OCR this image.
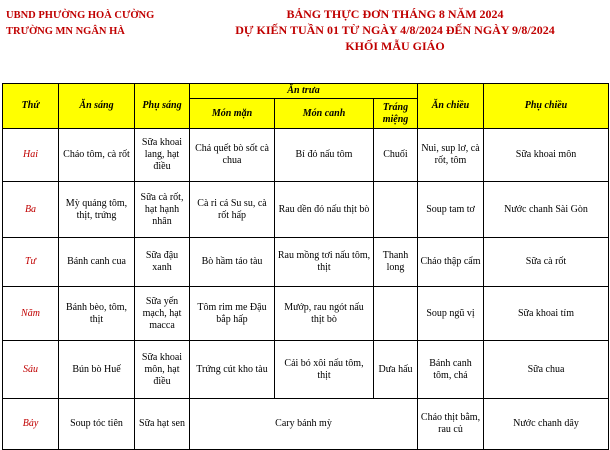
UBND PHƯỜNG HOÀ CƯỜNG
TRƯỜNG MN NGÂN HÀ
BẢNG THỰC ĐƠN THÁNG 8 NĂM 2024
DỰ KIẾN TUẦN 01 TỪ NGÀY 4/8/2024 ĐẾN NGÀY 9/8/2024
KHỐI MẪU GIÁO
Thứ	Ăn sáng	Phụ sáng	Ăn trưa			Ăn chiều	Phụ chiều
			Món mặn	Món canh	Tráng miệng		
Hai	Cháo tôm, cà rốt	Sữa khoai lang, hạt điều	Chả quết bò sốt cà chua	Bí đỏ nấu tôm	Chuối	Nui, sup lơ, cà rốt, tôm	Sữa khoai môn
Ba	Mỳ quảng tôm, thịt, trứng	Sữa cà rốt, hạt hạnh nhân	Cà ri cá Su su, cà rốt hấp	Rau dền đỏ nấu thịt bò		Soup tam tơ	Nước chanh Sài Gòn
Tư	Bánh canh cua	Sữa đậu xanh	Bò hầm táo tàu	Rau mồng tơi nấu tôm, thịt	Thanh long	Cháo thập cẩm	Sữa cà rốt
Năm	Bánh bèo, tôm, thịt	Sữa yến mạch, hạt macca	Tôm rim me Đậu bắp hấp	Mướp, rau ngót nấu thịt bò		Soup ngũ vị	Sữa khoai tím
Sáu	Bún bò Huế	Sữa khoai môn, hạt điều	Trứng cút kho tàu	Cải bó xôi nấu tôm, thịt	Dưa hấu	Bánh canh tôm, chả	Sữa chua
Bảy	Soup tóc tiên	Sữa hạt sen	Cary bánh mỳ			Cháo thịt bằm, rau củ	Nước chanh dây
